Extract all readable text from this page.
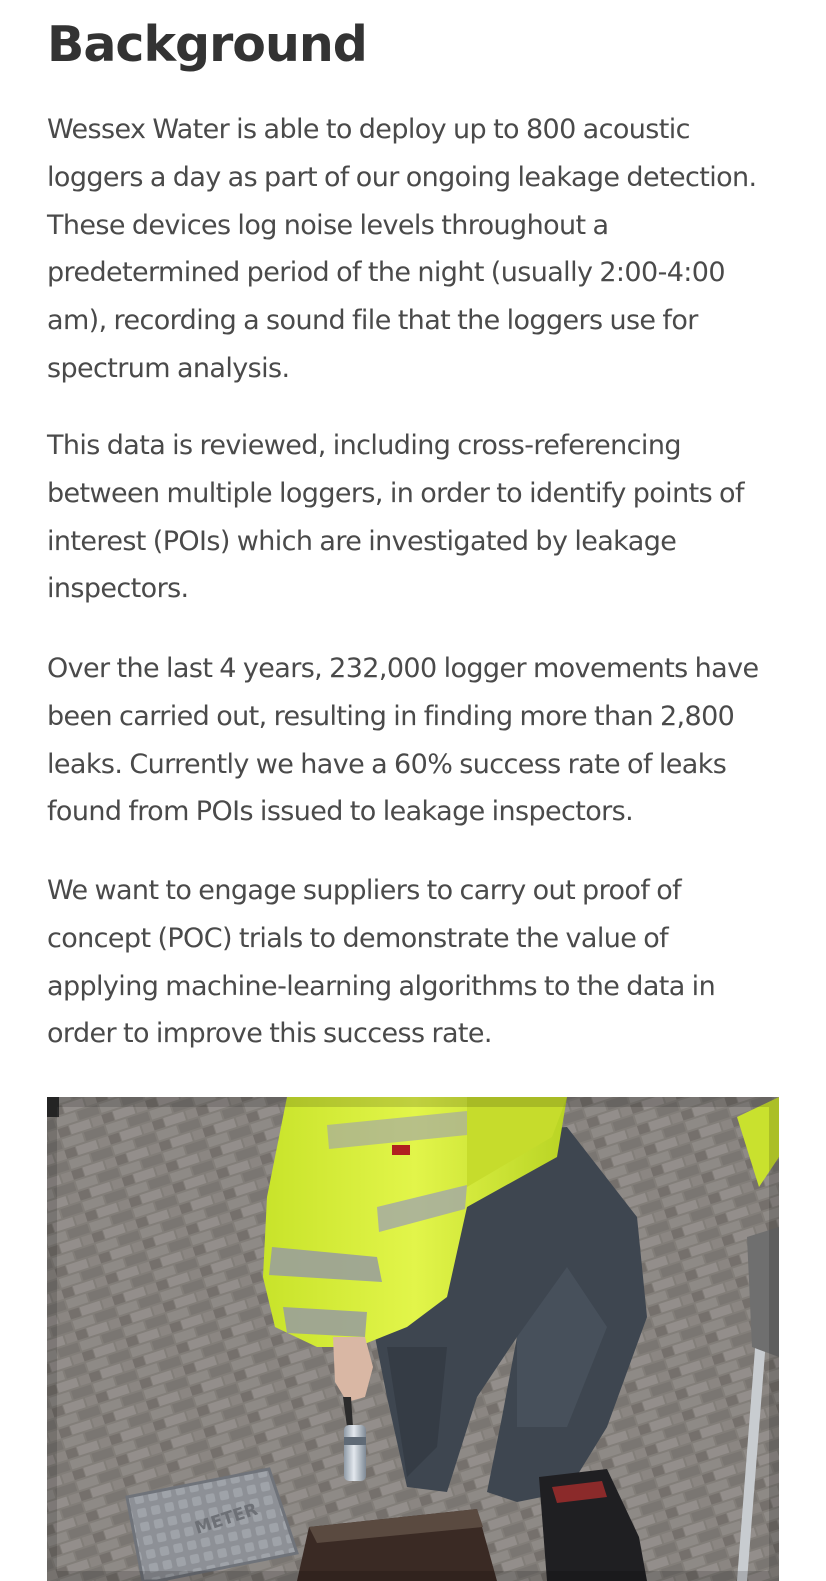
Background

Wessex Water is able to deploy up to 800 acoustic loggers a day as part of our ongoing leakage detection. These devices log noise levels throughout a predetermined period of the night (usually 2:00-4:00 am), recording a sound file that the loggers use for spectrum analysis.

This data is reviewed, including cross-referencing between multiple loggers, in order to identify points of interest (POIs) which are investigated by leakage inspectors.

Over the last 4 years, 232,000 logger movements have been carried out, resulting in finding more than 2,800 leaks. Currently we have a 60% success rate of leaks found from POIs issued to leakage inspectors.

We want to engage suppliers to carry out proof of concept (POC) trials to demonstrate the value of applying machine-learning algorithms to the data in order to improve this success rate.

METER
